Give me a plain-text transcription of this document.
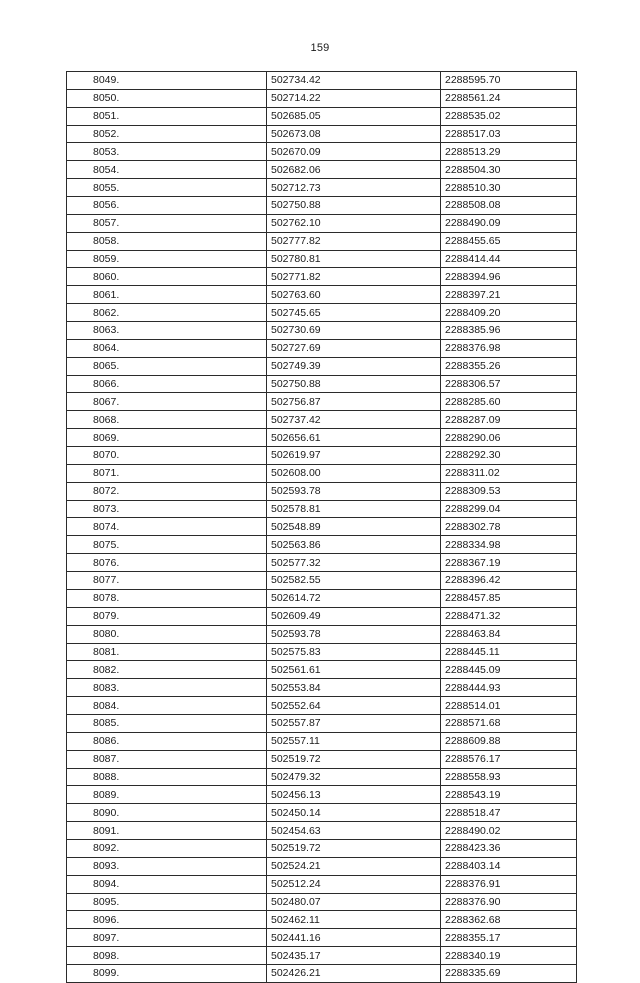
159
8049.	502734.42	2288595.70
8050.	502714.22	2288561.24
8051.	502685.05	2288535.02
8052.	502673.08	2288517.03
8053.	502670.09	2288513.29
8054.	502682.06	2288504.30
8055.	502712.73	2288510.30
8056.	502750.88	2288508.08
8057.	502762.10	2288490.09
8058.	502777.82	2288455.65
8059.	502780.81	2288414.44
8060.	502771.82	2288394.96
8061.	502763.60	2288397.21
8062.	502745.65	2288409.20
8063.	502730.69	2288385.96
8064.	502727.69	2288376.98
8065.	502749.39	2288355.26
8066.	502750.88	2288306.57
8067.	502756.87	2288285.60
8068.	502737.42	2288287.09
8069.	502656.61	2288290.06
8070.	502619.97	2288292.30
8071.	502608.00	2288311.02
8072.	502593.78	2288309.53
8073.	502578.81	2288299.04
8074.	502548.89	2288302.78
8075.	502563.86	2288334.98
8076.	502577.32	2288367.19
8077.	502582.55	2288396.42
8078.	502614.72	2288457.85
8079.	502609.49	2288471.32
8080.	502593.78	2288463.84
8081.	502575.83	2288445.11
8082.	502561.61	2288445.09
8083.	502553.84	2288444.93
8084.	502552.64	2288514.01
8085.	502557.87	2288571.68
8086.	502557.11	2288609.88
8087.	502519.72	2288576.17
8088.	502479.32	2288558.93
8089.	502456.13	2288543.19
8090.	502450.14	2288518.47
8091.	502454.63	2288490.02
8092.	502519.72	2288423.36
8093.	502524.21	2288403.14
8094.	502512.24	2288376.91
8095.	502480.07	2288376.90
8096.	502462.11	2288362.68
8097.	502441.16	2288355.17
8098.	502435.17	2288340.19
8099.	502426.21	2288335.69
